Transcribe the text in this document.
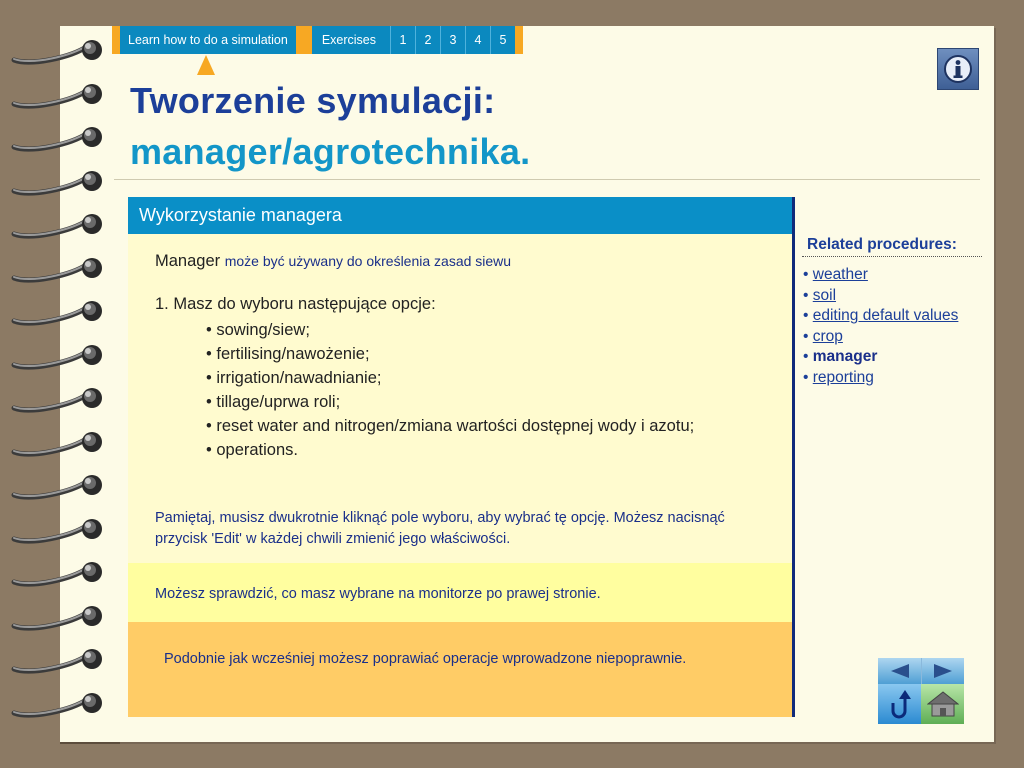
Learn how to do a simulation	Exercises	1	2	3	4	5
Tworzenie symulacji:
manager/agrotechnika.
Wykorzystanie managera
Manager może być używany do określenia zasad siewu
1. Masz do wyboru następujące opcje:
• sowing/siew;
• fertilising/nawożenie;
• irrigation/nawadnianie;
• tillage/uprwa roli;
• reset water and nitrogen/zmiana wartości dostępnej wody i azotu;
• operations.
Pamiętaj, musisz dwukrotnie kliknąć pole wyboru, aby wybrać tę opcję. Możesz nacisnąć przycisk 'Edit' w każdej chwili zmienić jego właściwości.
Możesz sprawdzić, co masz wybrane na monitorze po prawej stronie.
Podobnie jak wcześniej możesz poprawiać operacje wprowadzone niepoprawnie.
Related procedures:
• weather
• soil
• editing default values
• crop
• manager
• reporting
